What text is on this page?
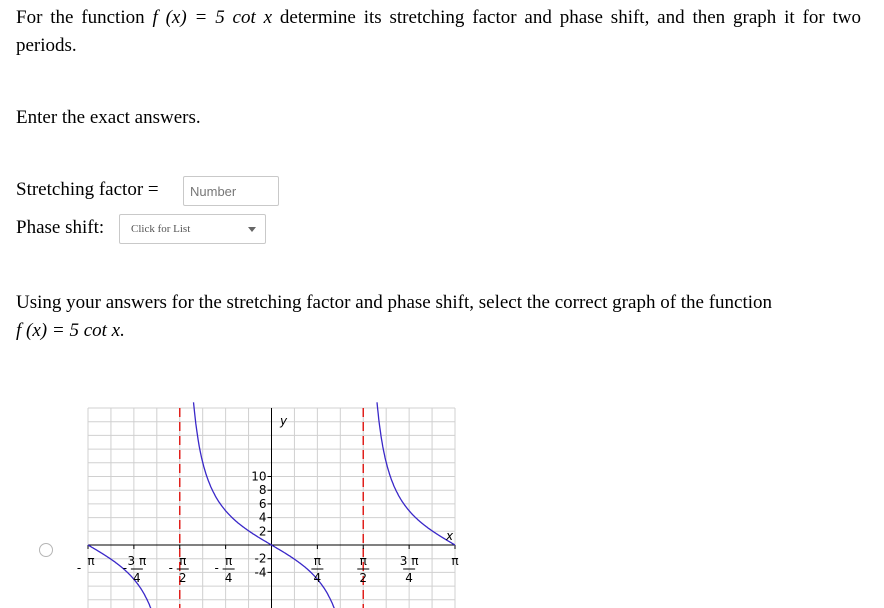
For the function f (x) = 5 cot x determine its stretching factor and phase shift, and then graph it for two periods.
Enter the exact answers.
Stretching factor =
Number
Phase shift: Click for List
Using your answers for the stretching factor and phase shift, select the correct graph of the function
f (x) = 5 cot x.
y
x
10
8
6
4
2
-2
-4
- π - 3 π
4
- π
2
- π
4
π
4
π
2
3 π
4
π
